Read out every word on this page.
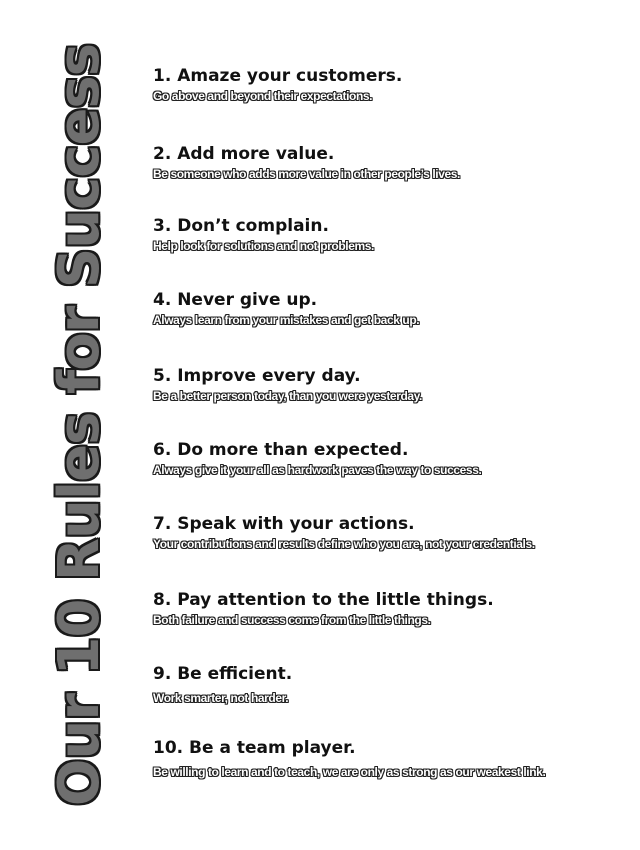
Our 10 Rules for Success 1. Amaze your customers.
Go above and beyond their expectations.
2. Add more value.
Be someone who adds more value in other people’s lives.
3. Don’t complain.
Help look for solutions and not problems.
4. Never give up.
Always learn from your mistakes and get back up.
5. Improve every day.
Be a better person today, than you were yesterday.
6. Do more than expected.
Always give it your all as hardwork paves the way to success.
7. Speak with your actions.
Your contributions and results define who you are, not your credentials.
8. Pay attention to the little things.
Both failure and success come from the little things.
9. Be efficient.
Work smarter, not harder.
10. Be a team player.
Be willing to learn and to teach, we are only as strong as our weakest link.
